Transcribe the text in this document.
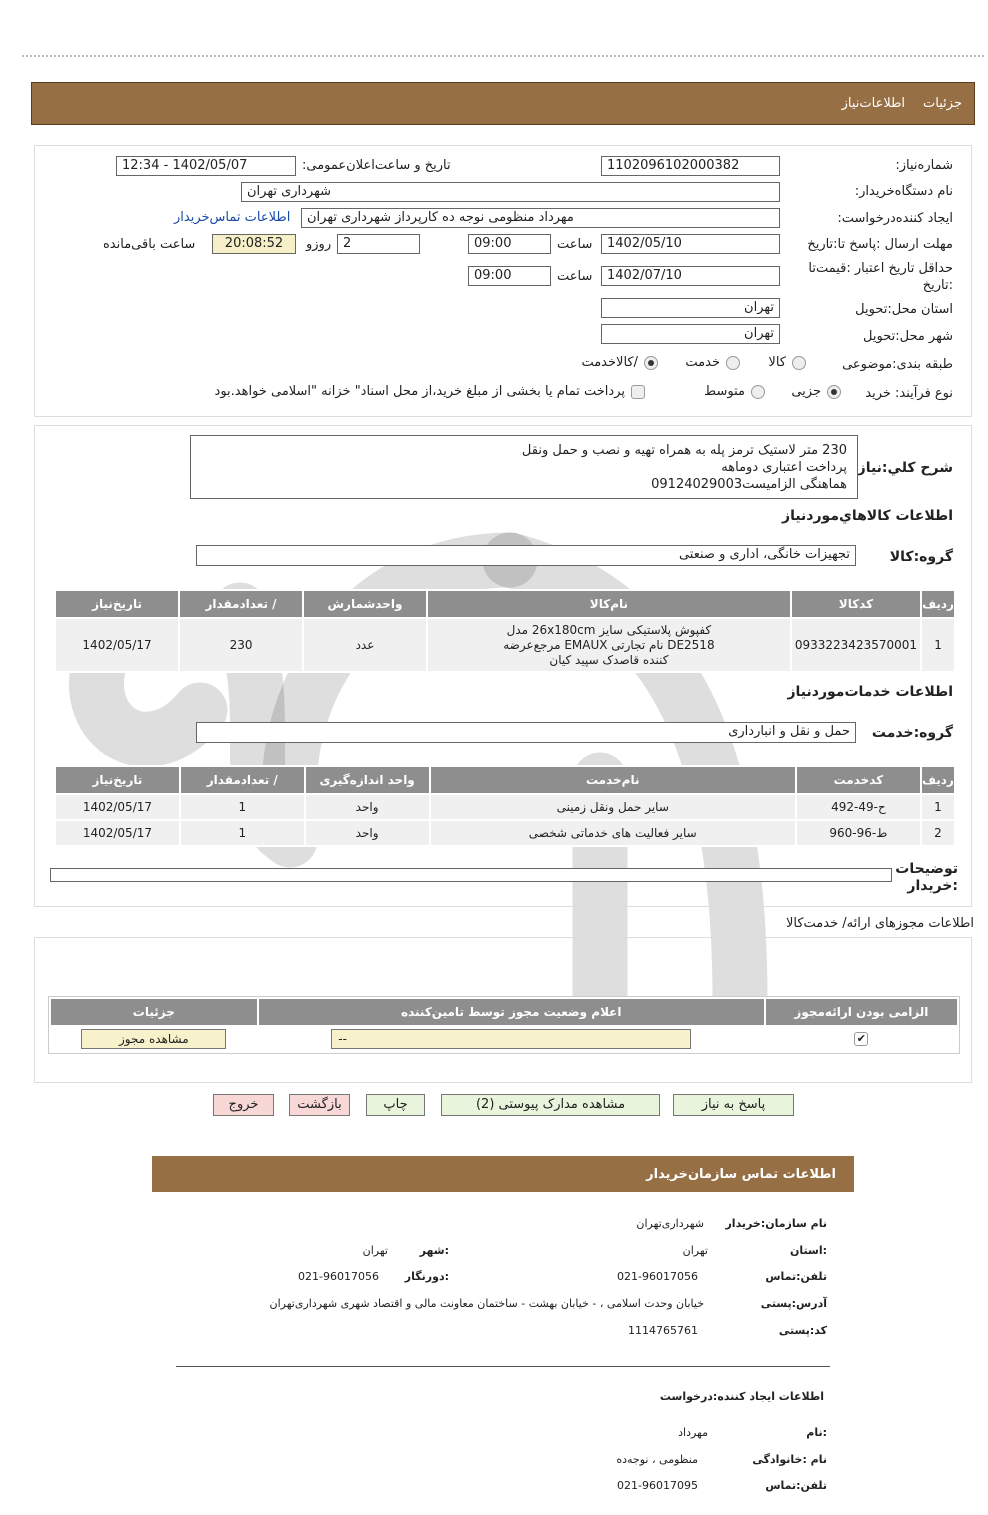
جزئیات
اطلاعات‌نیاز
شماره‌نیاز:
1102096102000382
تاریخ و ساعت‌اعلان‌عمومی:
1402/05/07 - 12:34
نام دستگاه‌خریدار:
شهرداری تهران
ایجاد کننده‌درخواست:
مهرداد منظومی نوجه ده کارپرداز شهرداری تهران
اطلاعات تماس‌خریدار
مهلت ارسال :پاسخ تا:تاریخ
1402/05/10
ساعت
09:00
2
روزو
20:08:52
ساعت باقی‌مانده
حداقل تاریخ اعتبار :قیمت‌تا
:تاریخ
1402/07/10
ساعت
09:00
استان محل:تحویل
تهران
شهر محل:تحویل
تهران
طبقه بندی:موضوعی
کالا
خدمت
/کالاخدمت
نوع فرآیند: خرید
جزیی
متوسط
پرداخت تمام یا بخشی از مبلغ خرید،از محل اسناد" خزانه "اسلامی خواهد.بود
شرح کلي:نياز
230 متر لاستیک ترمز پله به همراه تهیه و نصب و حمل ونقل
پرداخت اعتباری دوماهه
هماهنگی الزامیست09124029003
اطلاعات کالاهاي‌مورد‌نياز
گروه:کالا
تجهیزات خانگی، اداری و صنعتی
رديف	کدکالا	نام‌کالا	واحدشمارش	/ تعدادمقدار	تاريخ‌نياز
1	0933223423570001	کفپوش پلاستیکی سایز 26x180cm مدل
DE2518 نام تجارتی EMAUX مرجع‌عرضه
کننده قاصدک سپید کیان	عدد	230	1402/05/17
اطلاعات خدمات‌مورد‌نياز
گروه:خدمت
حمل و نقل و انبارداری
رديف	کدخدمت	نام‌خدمت	واحد اندازه‌گیری	/ تعدادمقدار	تاريخ‌نياز
1	ح-49-492	سایر حمل ونقل زمینی	واحد	1	1402/05/17
2	ط-96-960	سایر فعالیت های خدماتی شخصی	واحد	1	1402/05/17
توضیحات
:خریدار
اطلاعات مجوزهای ارائه/ خدمت‌کالا
الزامی بودن ارائه‌مجوز	اعلام وضعیت مجوز توسط تامین‌کننده	جزئیات
✔	--	مشاهده مجوز
پاسخ به نیاز
مشاهده مدارک پیوستی (2)
چاپ
بازگشت
خروج
اطلاعات تماس سازمان‌خریدار
نام سازمان:خریدار
شهرداری‌تهران
:استان
تهران
:شهر
تهران
تلفن:تماس
021-96017056
:دورنگار
021-96017056
آدرس:پستی
خیابان وحدت اسلامی ، - خیابان بهشت - ساختمان معاونت مالی و اقتصاد شهری شهرداری‌تهران
کد:پستی
1114765761
اطلاعات ایجاد کننده:درخواست
:نام
مهرداد
نام :خانوادگی
منظومی ، نوجه‌ده
تلفن:تماس
021-96017095
